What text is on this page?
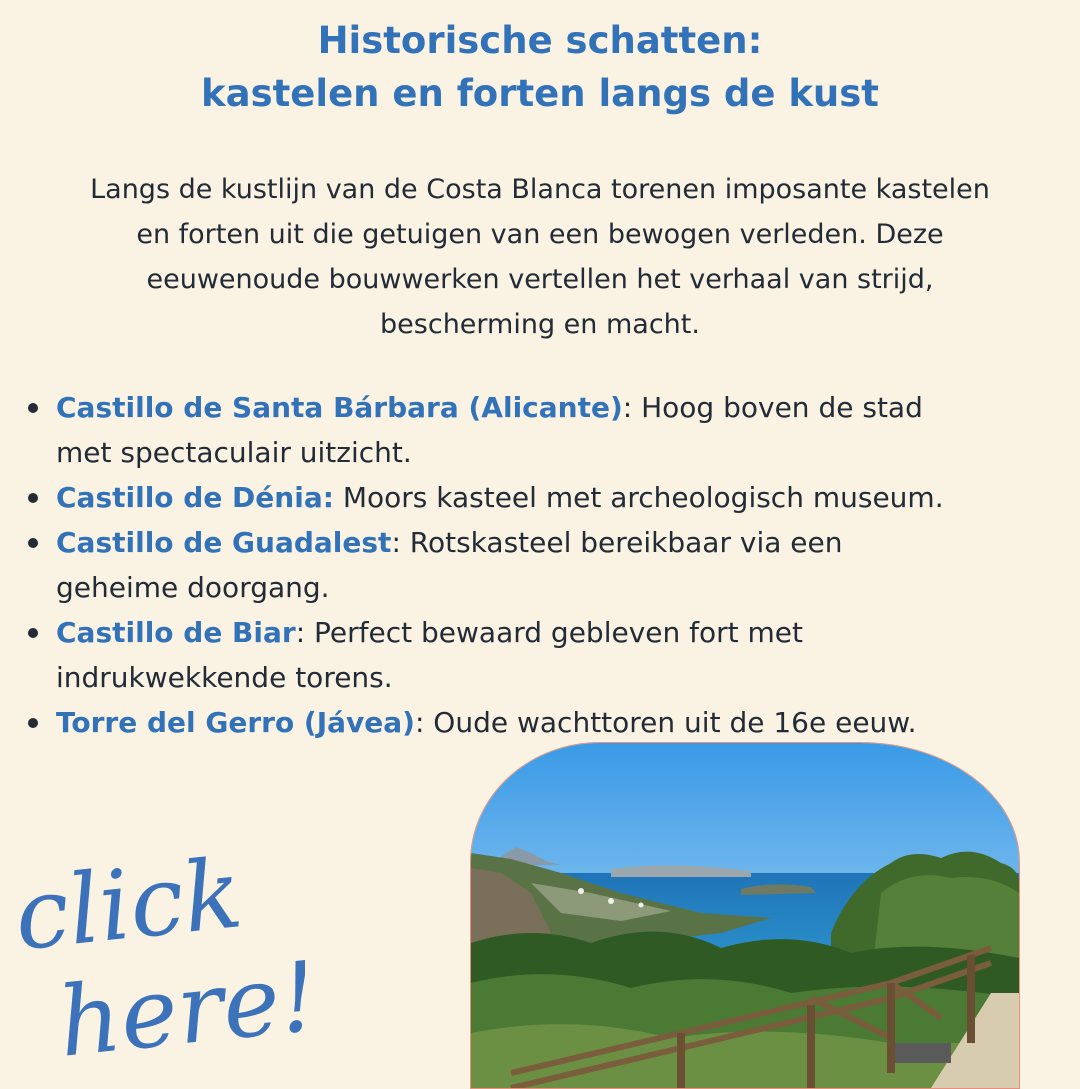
Historische schatten:
kastelen en forten langs de kust

Langs de kustlijn van de Costa Blanca torenen imposante kastelen
en forten uit die getuigen van een bewogen verleden. Deze
eeuwenoude bouwwerken vertellen het verhaal van strijd,
bescherming en macht.

Castillo de Santa Bárbara (Alicante): Hoog boven de stad
met spectaculair uitzicht.
Castillo de Dénia: Moors kasteel met archeologisch museum.
Castillo de Guadalest: Rotskasteel bereikbaar via een
geheime doorgang.
Castillo de Biar: Perfect bewaard gebleven fort met
indrukwekkende torens.
Torre del Gerro (Jávea): Oude wachttoren uit de 16e eeuw.
click
here!
